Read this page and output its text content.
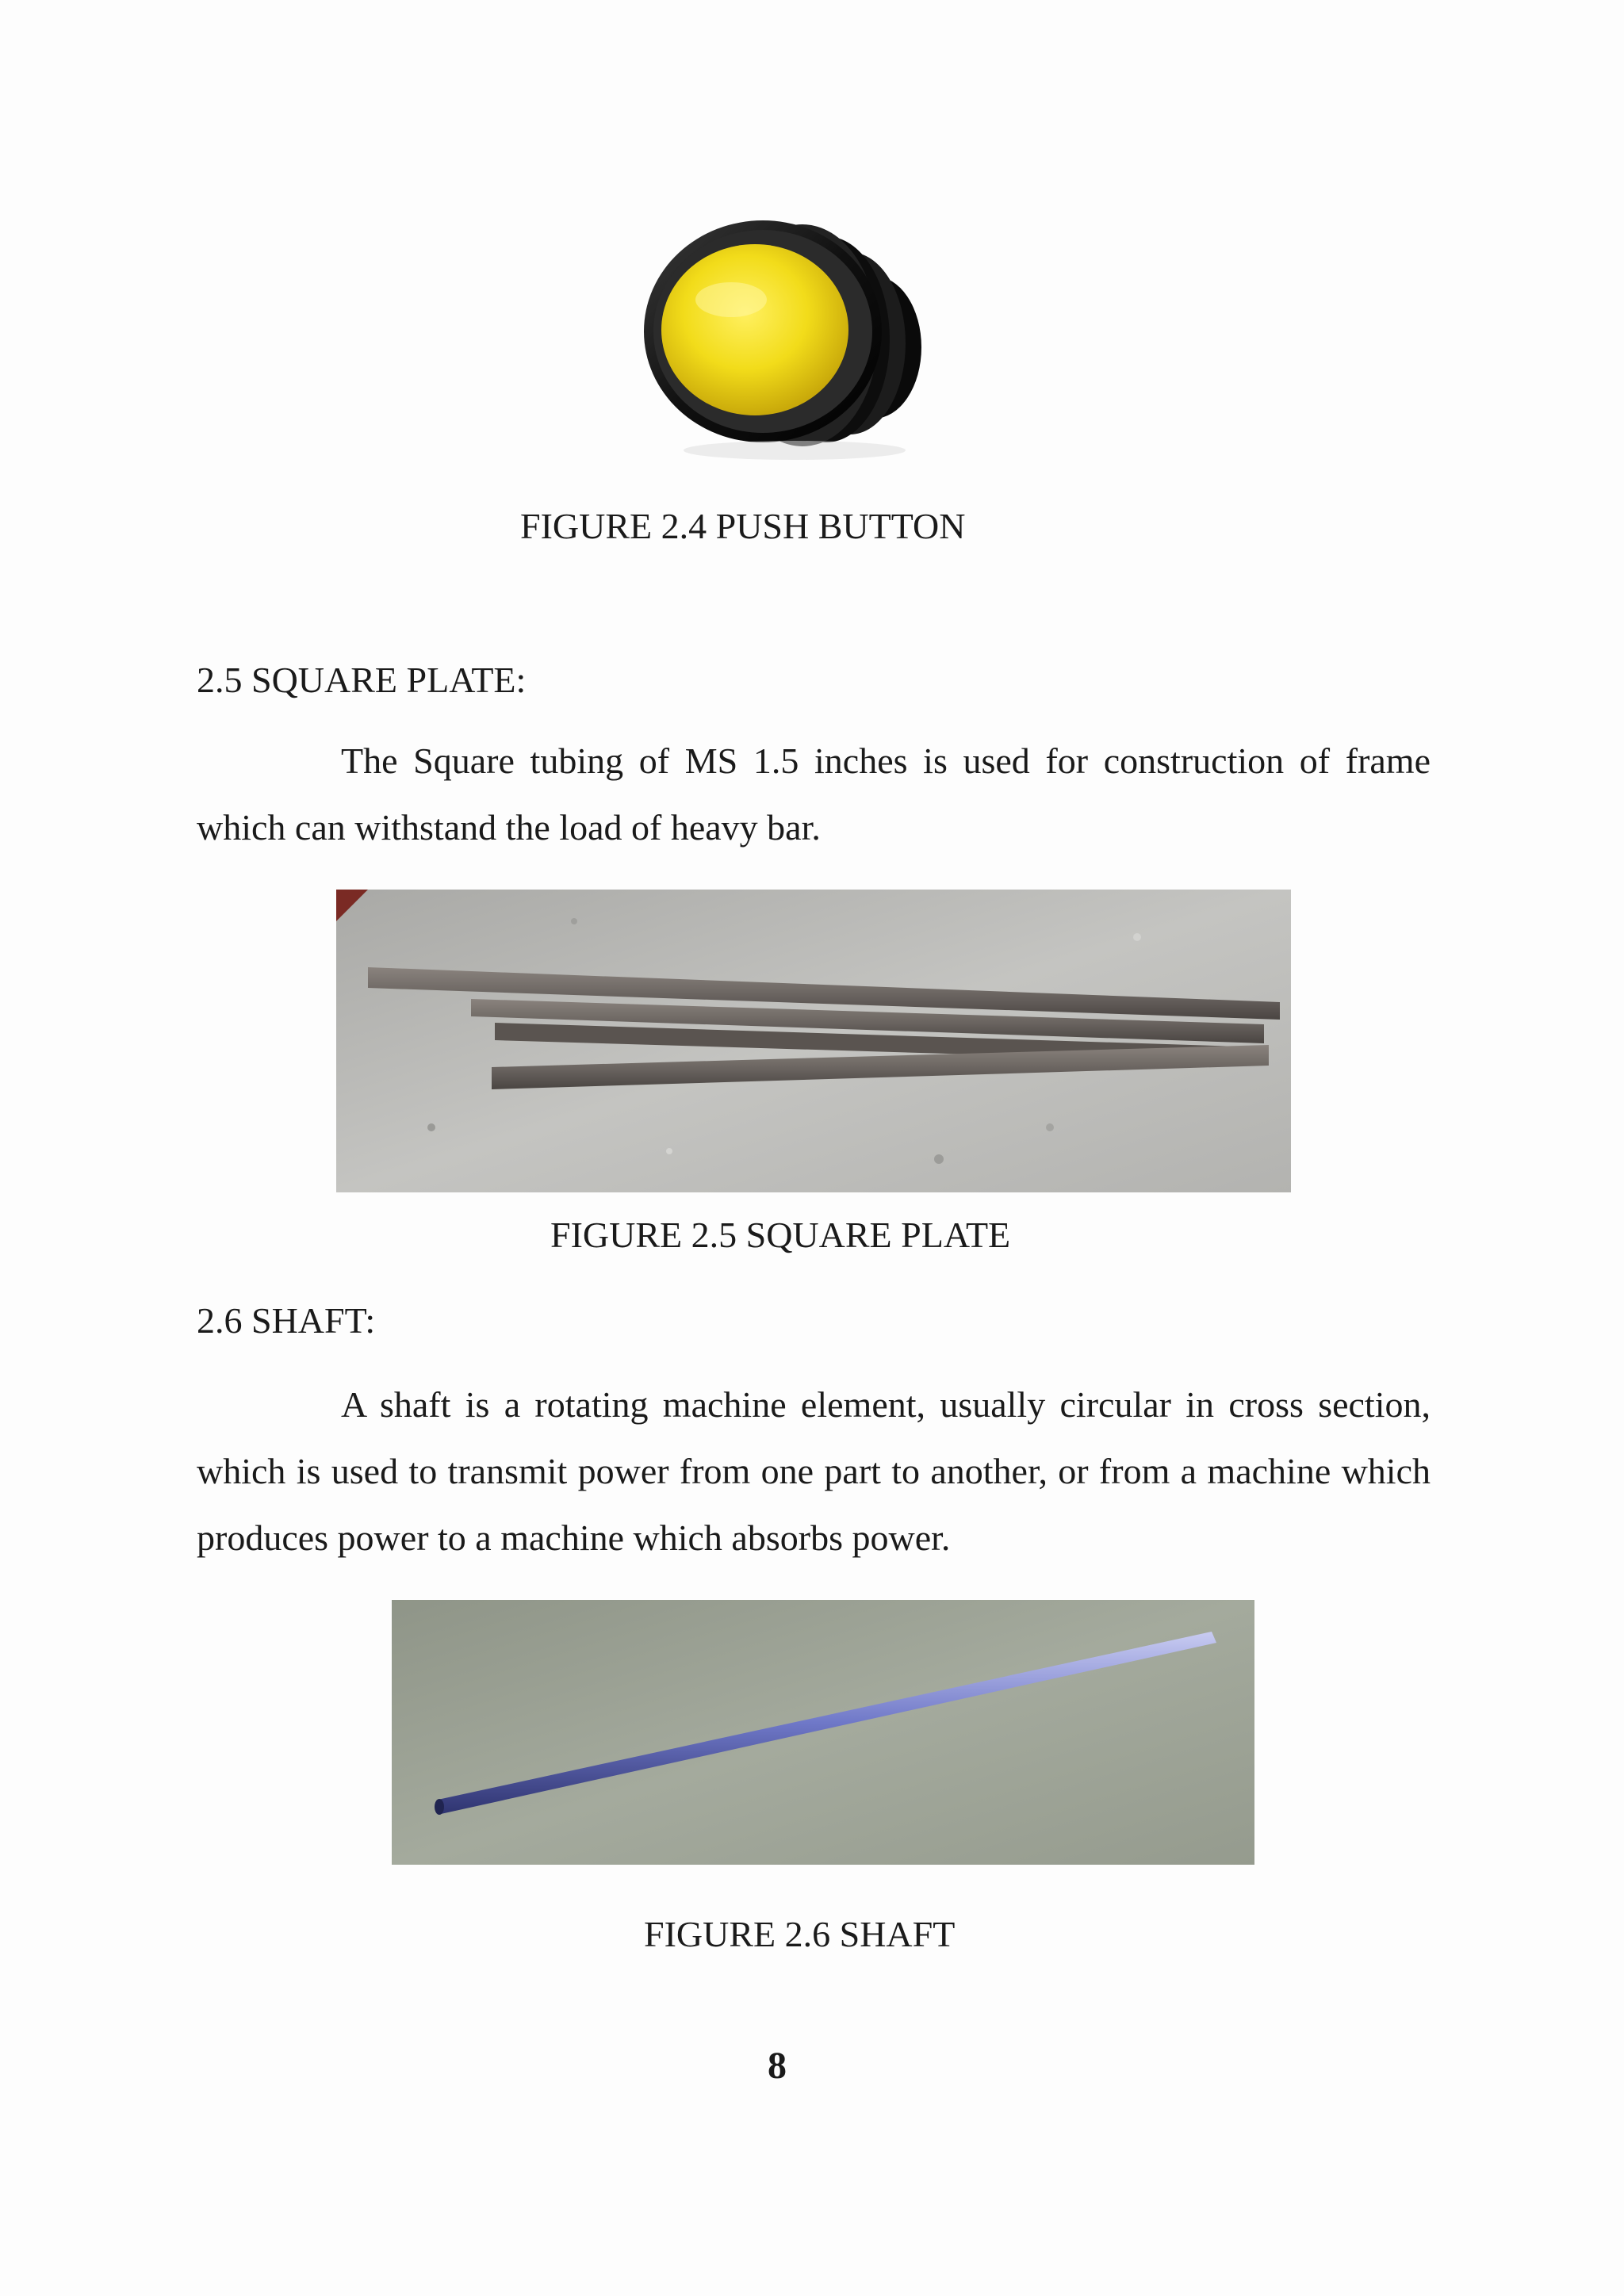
FIGURE 2.4 PUSH BUTTON
2.5 SQUARE PLATE:
The Square tubing of MS 1.5 inches is used for construction of frame which can withstand the load of heavy bar.
FIGURE 2.5 SQUARE PLATE
2.6 SHAFT:
A shaft is a rotating machine element, usually circular in cross section, which is used to transmit power from one part to another, or from a machine which produces power to a machine which absorbs power.
FIGURE 2.6 SHAFT
8
